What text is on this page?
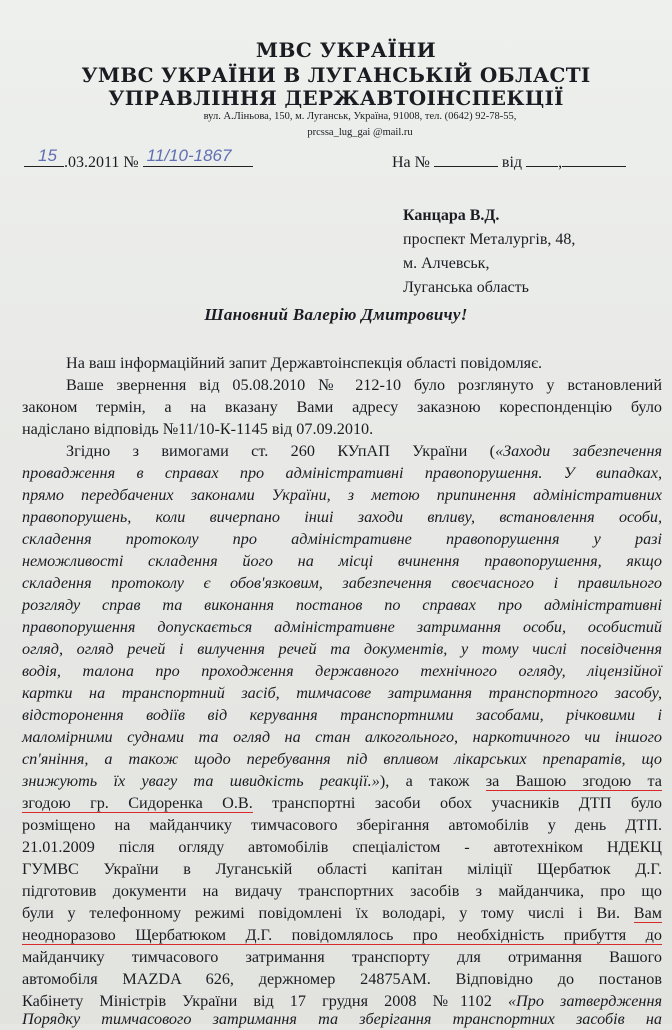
МВС УКРАЇНИ
УМВС УКРАЇНИ В ЛУГАНСЬКІЙ ОБЛАСТІ
УПРАВЛІННЯ ДЕРЖАВТОІНСПЕКЦІЇ
вул. А.Ліньова, 150, м. Луганськ, Україна, 91008, тел. (0642) 92-78-55,
prcssa_lug_gai @mail.ru
15 .03.2011 № 11/10-1867	На №	від ,
Канцара В.Д.
проспект Металургів, 48,
м. Алчевськ,
Луганська область
Шановний Валерію Дмитровичу!
На ваш інформаційний запит Державтоінспекція області повідомляє.
Ваше звернення від 05.08.2010 № 212-10 було розглянуто у встановлений
законом термін, а на вказану Вами адресу заказною кореспонденцію було
надіслано відповідь №11/10-К-1145 від 07.09.2010.
Згідно з вимогами ст. 260 КУпАП України («Заходи забезпечення
провадження в справах про адміністративні правопорушення. У випадках,
прямо передбачених законами України, з метою припинення адміністративних
правопорушень, коли вичерпано інші заходи впливу, встановлення особи,
складення протоколу про адміністративне правопорушення у разі
неможливості складення його на місці вчинення правопорушення, якщо
складення протоколу є обов'язковим, забезпечення своєчасного і правильного
розгляду справ та виконання постанов по справах про адміністративні
правопорушення допускається адміністративне затримання особи, особистий
огляд, огляд речей і вилучення речей та документів, у тому числі посвідчення
водія, талона про проходження державного технічного огляду, ліцензійної
картки на транспортний засіб, тимчасове затримання транспортного засобу,
відсторонення водіїв від керування транспортними засобами, річковими і
маломірними суднами та огляд на стан алкогольного, наркотичного чи іншого
сп'яніння, а також щодо перебування під впливом лікарських препаратів, що
знижують їх увагу та швидкість реакції.»), а також за Вашою згодою та
згодою гр. Сидоренка О.В. транспортні засоби обох учасників ДТП було
розміщено на майданчику тимчасового зберігання автомобілів у день ДТП.
21.01.2009 після огляду автомобілів спеціалістом - автотехніком НДЕКЦ
ГУМВС України в Луганській області капітан міліції Щербатюк Д.Г.
підготовив документи на видачу транспортних засобів з майданчика, про що
були у телефонному режимі повідомлені їх володарі, у тому числі і Ви. Вам
неодноразово Щербатюком Д.Г. повідомлялось про необхідність прибуття до
майданчику тимчасового затримання транспорту для отримання Вашого
автомобіля MAZDA 626, держномер 24875АМ. Відповідно до постанов
Кабінету Міністрів України від 17 грудня 2008 №1102 «Про затвердження
Порядку тимчасового затримання та зберігання транспортних засобів на
